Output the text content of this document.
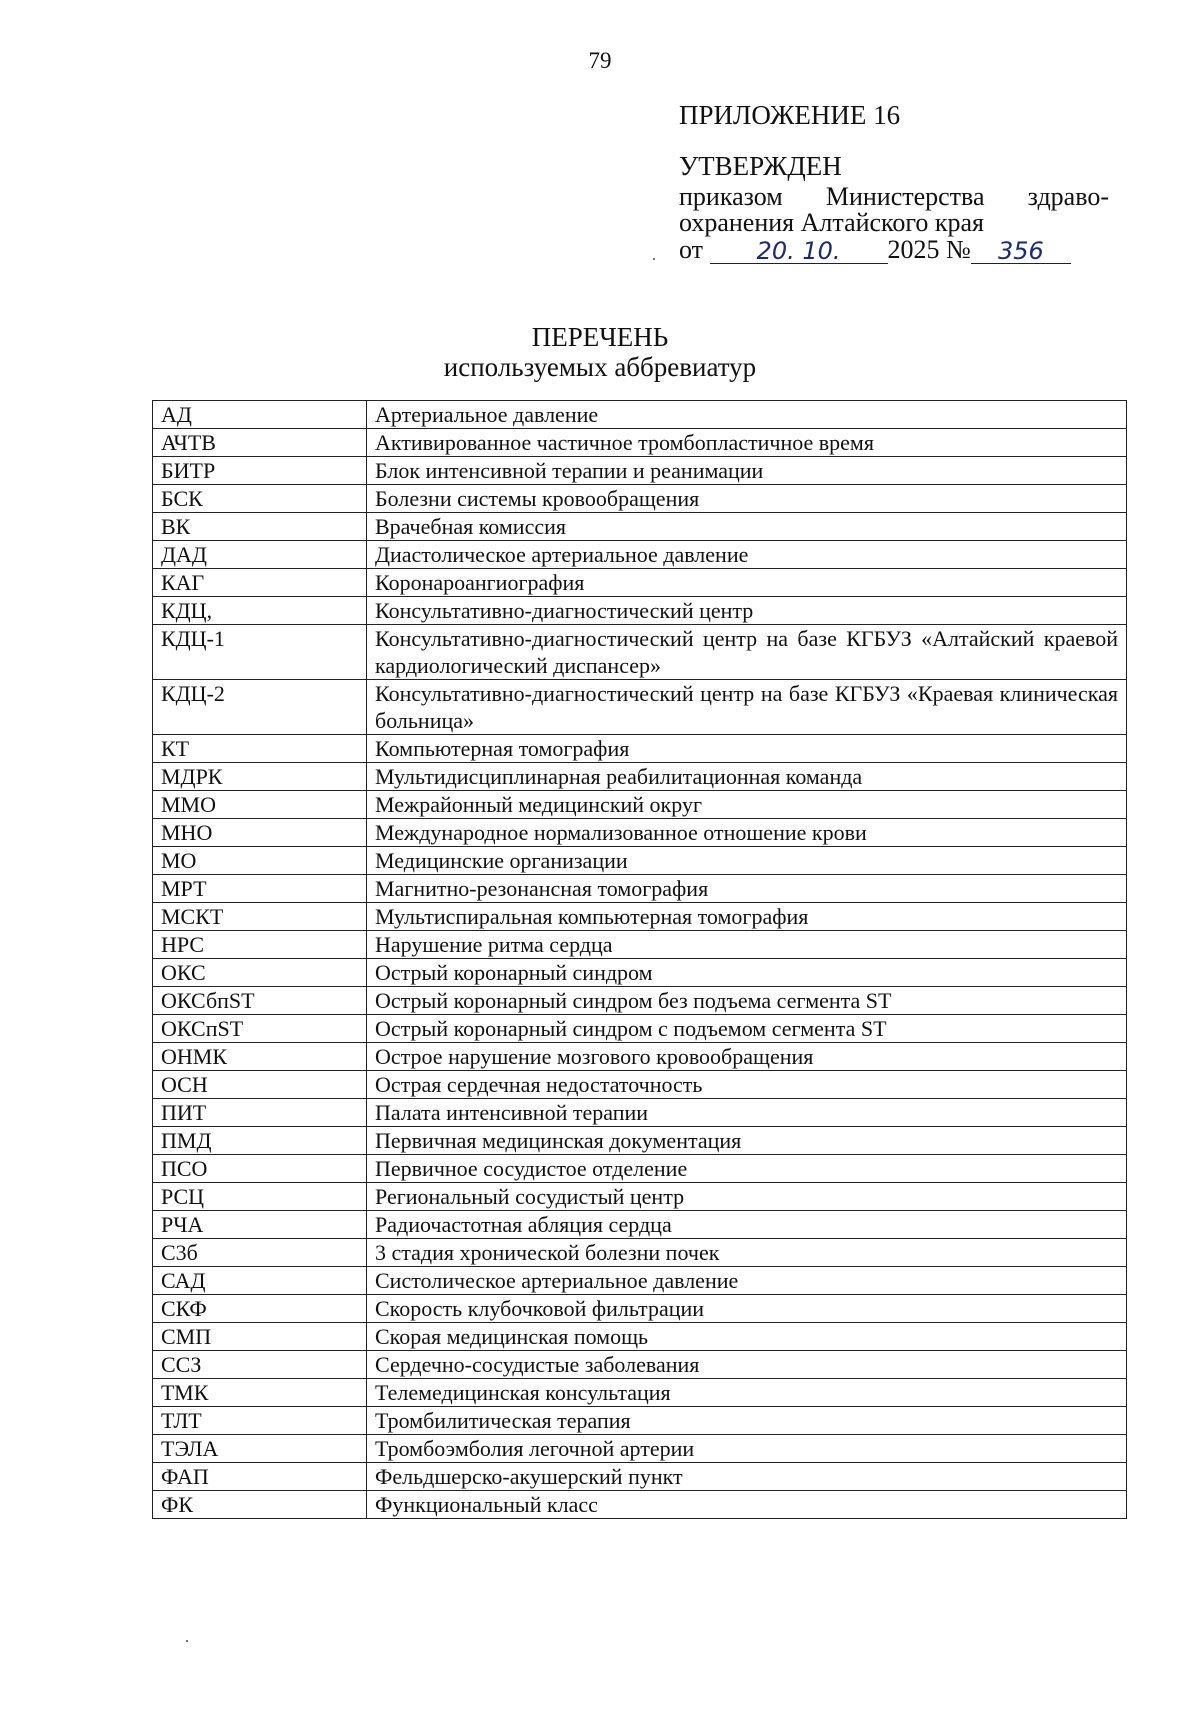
79
ПРИЛОЖЕНИЕ 16
УТВЕРЖДЕН
приказом Министерства здраво-
охранения Алтайского края
от
	20. 10.	2025 №	356
ПЕРЕЧЕНЬ
используемых аббревиатур
АД	Артериальное давление
АЧТВ	Активированное частичное тромбопластичное время
БИТР	Блок интенсивной терапии и реанимации
БСК	Болезни системы кровообращения
ВК	Врачебная комиссия
ДАД	Диастолическое артериальное давление
КАГ	Коронароангиография
КДЦ,	Консультативно-диагностический центр
КДЦ-1	Консультативно-диагностический центр на базе КГБУЗ «Алтайский краевой кардиологический диспансер»
КДЦ-2	Консультативно-диагностический центр на базе КГБУЗ «Краевая клиническая больница»
КТ	Компьютерная томография
МДРК	Мультидисциплинарная реабилитационная команда
ММО	Межрайонный медицинский округ
МНО	Международное нормализованное отношение крови
МО	Медицинские организации
МРТ	Магнитно-резонансная томография
МСКТ	Мультиспиральная компьютерная томография
НРС	Нарушение ритма сердца
ОКС	Острый коронарный синдром
ОКСбпST	Острый коронарный синдром без подъема сегмента ST
ОКСпST	Острый коронарный синдром с подъемом сегмента ST
ОНМК	Острое нарушение мозгового кровообращения
ОСН	Острая сердечная недостаточность
ПИТ	Палата интенсивной терапии
ПМД	Первичная медицинская документация
ПСО	Первичное сосудистое отделение
РСЦ	Региональный сосудистый центр
РЧА	Радиочастотная абляция сердца
С3б	3 стадия хронической болезни почек
САД	Систолическое артериальное давление
СКФ	Скорость клубочковой фильтрации
СМП	Скорая медицинская помощь
ССЗ	Сердечно-сосудистые заболевания
ТМК	Телемедицинская консультация
ТЛТ	Тромбилитическая терапия
ТЭЛА	Тромбоэмболия легочной артерии
ФАП	Фельдшерско-акушерский пункт
ФК	Функциональный класс
